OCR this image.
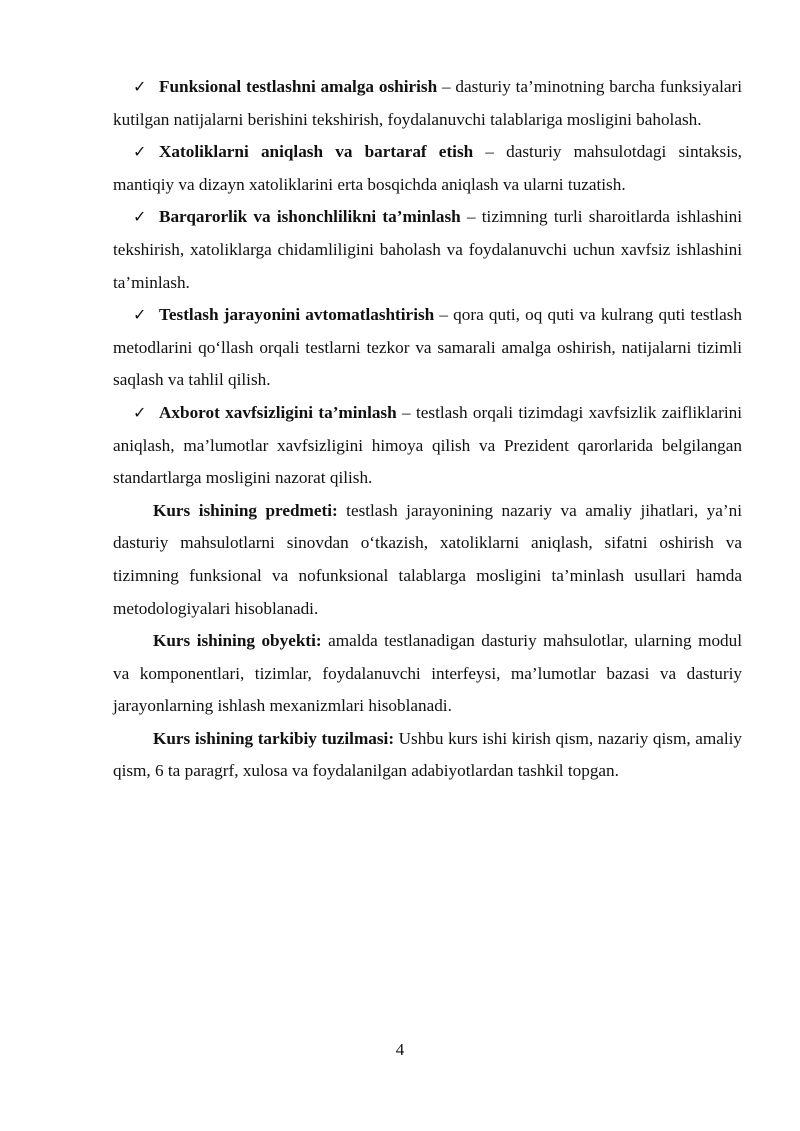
✓ Funksional testlashni amalga oshirish – dasturiy ta’minotning barcha funksiyalari kutilgan natijalarni berishini tekshirish, foydalanuvchi talablariga mosligini baholash.

✓ Xatoliklarni aniqlash va bartaraf etish – dasturiy mahsulotdagi sintaksis, mantiqiy va dizayn xatoliklarini erta bosqichda aniqlash va ularni tuzatish.

✓ Barqarorlik va ishonchlilikni ta’minlash – tizimning turli sharoitlarda ishlashini tekshirish, xatoliklarga chidamliligini baholash va foydalanuvchi uchun xavfsiz ishlashini ta’minlash.

✓ Testlash jarayonini avtomatlashtirish – qora quti, oq quti va kulrang quti testlash metodlarini qo‘llash orqali testlarni tezkor va samarali amalga oshirish, natijalarni tizimli saqlash va tahlil qilish.

✓ Axborot xavfsizligini ta’minlash – testlash orqali tizimdagi xavfsizlik zaifliklarini aniqlash, ma’lumotlar xavfsizligini himoya qilish va Prezident qarorlarida belgilangan standartlarga mosligini nazorat qilish.

Kurs ishining predmeti: testlash jarayonining nazariy va amaliy jihatlari, ya’ni dasturiy mahsulotlarni sinovdan o‘tkazish, xatoliklarni aniqlash, sifatni oshirish va tizimning funksional va nofunksional talablarga mosligini ta’minlash usullari hamda metodologiyalari hisoblanadi.

Kurs ishining obyekti: amalda testlanadigan dasturiy mahsulotlar, ularning modul va komponentlari, tizimlar, foydalanuvchi interfeysi, ma’lumotlar bazasi va dasturiy jarayonlarning ishlash mexanizmlari hisoblanadi.

Kurs ishining tarkibiy tuzilmasi: Ushbu kurs ishi kirish qism, nazariy qism, amaliy qism, 6 ta paragrf, xulosa va foydalanilgan adabiyotlardan tashkil topgan.

4
